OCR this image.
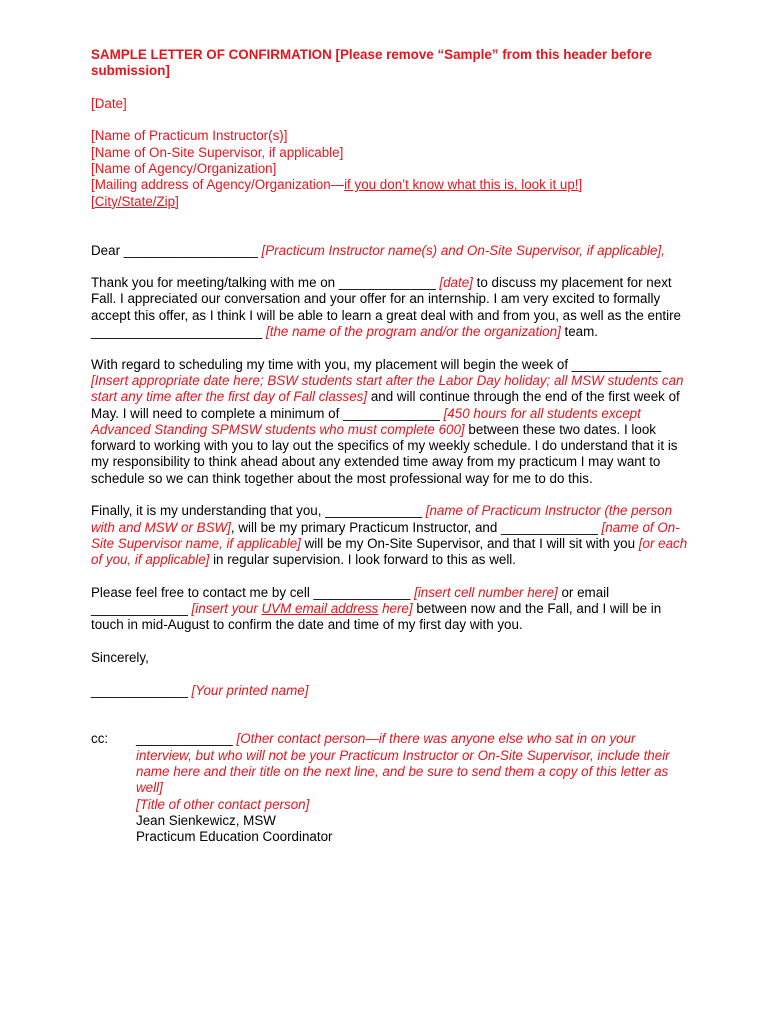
SAMPLE LETTER OF CONFIRMATION [Please remove “Sample” from this header before submission]
[Date]
[Name of Practicum Instructor(s)]
[Name of On-Site Supervisor, if applicable]
[Name of Agency/Organization]
[Mailing address of Agency/Organization—if you don’t know what this is, look it up!]
[City/State/Zip]
Dear __________________ [Practicum Instructor name(s) and On-Site Supervisor, if applicable],
Thank you for meeting/talking with me on _____________ [date] to discuss my placement for next Fall. I appreciated our conversation and your offer for an internship. I am very excited to formally accept this offer, as I think I will be able to learn a great deal with and from you, as well as the entire _______________________ [the name of the program and/or the organization] team.
With regard to scheduling my time with you, my placement will begin the week of ____________ [Insert appropriate date here; BSW students start after the Labor Day holiday; all MSW students can start any time after the first day of Fall classes] and will continue through the end of the first week of May. I will need to complete a minimum of _____________ [450 hours for all students except Advanced Standing SPMSW students who must complete 600] between these two dates. I look forward to working with you to lay out the specifics of my weekly schedule. I do understand that it is my responsibility to think ahead about any extended time away from my practicum I may want to schedule so we can think together about the most professional way for me to do this.
Finally, it is my understanding that you, _____________ [name of Practicum Instructor (the person with and MSW or BSW], will be my primary Practicum Instructor, and _____________ [name of On-Site Supervisor name, if applicable] will be my On-Site Supervisor, and that I will sit with you [or each of you, if applicable] in regular supervision. I look forward to this as well.
Please feel free to contact me by cell _____________ [insert cell number here] or email _____________ [insert your UVM email address here] between now and the Fall, and I will be in touch in mid-August to confirm the date and time of my first day with you.
Sincerely,
_____________ [Your printed name]
cc:	_____________ [Other contact person—if there was anyone else who sat in on your interview, but who will not be your Practicum Instructor or On-Site Supervisor, include their name here and their title on the next line, and be sure to send them a copy of this letter as well]
[Title of other contact person]
Jean Sienkewicz, MSW
Practicum Education Coordinator
